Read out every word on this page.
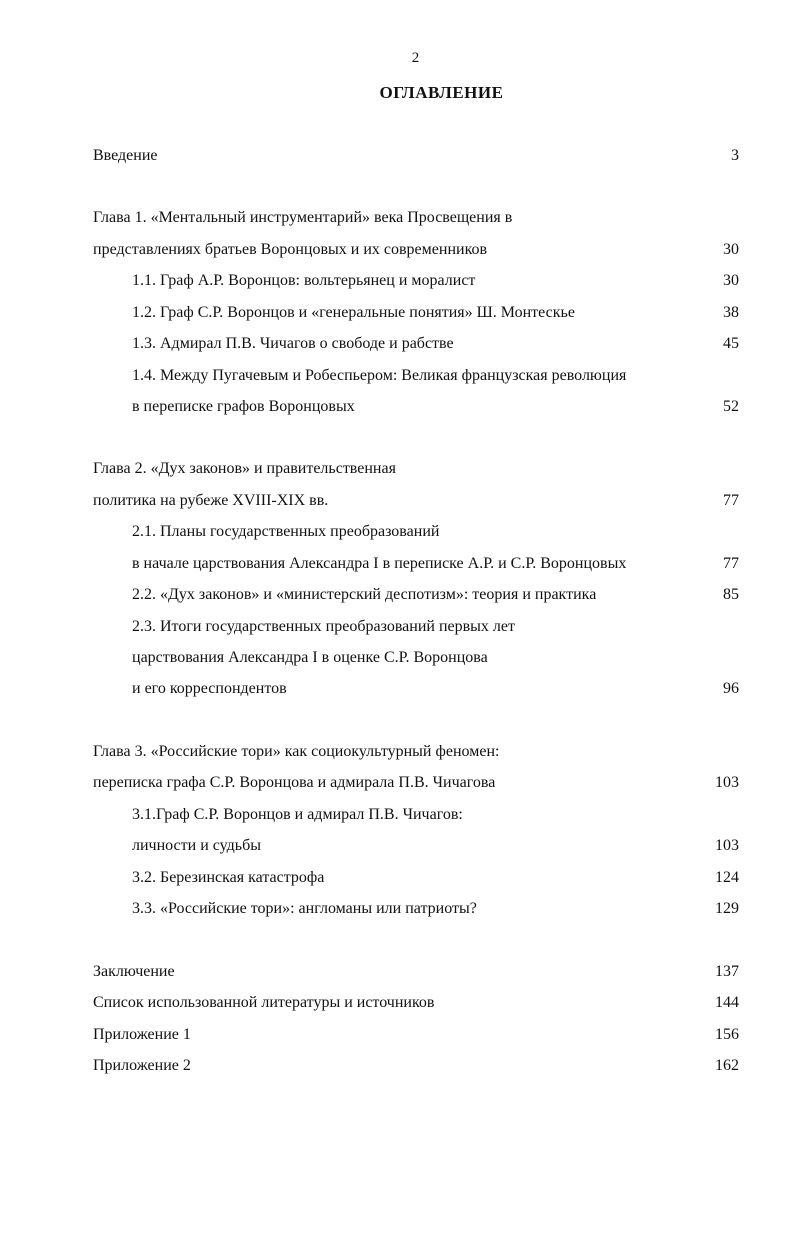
2
ОГЛАВЛЕНИЕ
Введение	3
Глава 1. «Ментальный инструментарий» века Просвещения в
представлениях братьев Воронцовых и их современников	30
1.1. Граф А.Р. Воронцов: вольтерьянец и моралист	30
1.2. Граф С.Р. Воронцов и «генеральные понятия» Ш. Монтескье	38
1.3. Адмирал П.В. Чичагов о свободе и рабстве	45
1.4. Между Пугачевым и Робеспьером: Великая французская революция
в переписке графов Воронцовых	52
Глава 2. «Дух законов» и правительственная
политика на рубеже XVIII-XIX вв.	77
2.1. Планы государственных преобразований
в начале царствования Александра I в переписке А.Р. и С.Р. Воронцовых	77
2.2. «Дух законов» и «министерский деспотизм»: теория и практика	85
2.3. Итоги государственных преобразований первых лет
царствования Александра I в оценке С.Р. Воронцова
и его корреспондентов	96
Глава 3. «Российские тори» как социокультурный феномен:
переписка графа С.Р. Воронцова и адмирала П.В. Чичагова	103
3.1.Граф С.Р. Воронцов и адмирал П.В. Чичагов:
личности и судьбы	103
3.2. Березинская катастрофа	124
3.3. «Российские тори»: англоманы или патриоты?	129
Заключение	137
Список использованной литературы и источников	144
Приложение 1	156
Приложение 2	162
